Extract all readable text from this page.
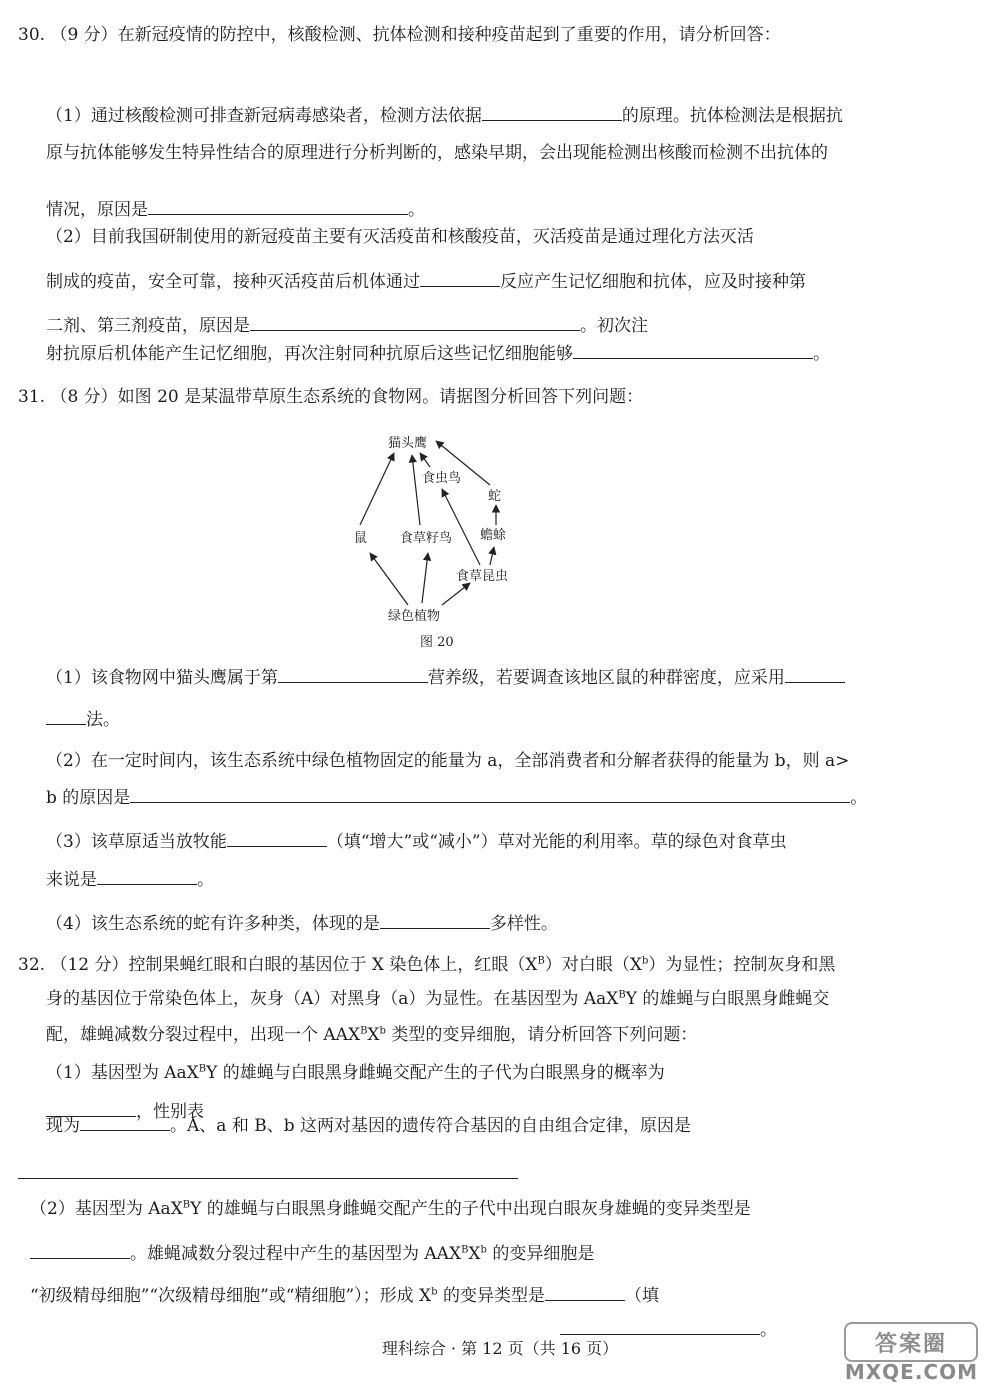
30. （9 分）在新冠疫情的防控中，核酸检测、抗体检测和接种疫苗起到了重要的作用，请分析回答：
（1）通过核酸检测可排查新冠病毒感染者，检测方法依据	的原理。抗体检测法是根据抗
原与抗体能够发生特异性结合的原理进行分析判断的，感染早期，会出现能检测出核酸而检测不出抗体的
情况，原因是	。
（2）目前我国研制使用的新冠疫苗主要有灭活疫苗和核酸疫苗，灭活疫苗是通过理化方法灭活
制成的疫苗，安全可靠，接种灭活疫苗后机体通过	反应产生记忆细胞和抗体，应及时接种第
二剂、第三剂疫苗，原因是	。初次注
射抗原后机体能产生记忆细胞，再次注射同种抗原后这些记忆细胞能够	。
31. （8 分）如图 20 是某温带草原生态系统的食物网。请据图分析回答下列问题：
猫头鹰
食虫鸟
蛇
鼠	食草籽鸟 蟾蜍
食草昆虫
绿色植物
图 20
（1）该食物网中猫头鹰属于第	营养级，若要调查该地区鼠的种群密度，应采用
法。
（2）在一定时间内，该生态系统中绿色植物固定的能量为 a，全部消费者和分解者获得的能量为 b，则 a>
b 的原因是	。
（3）该草原适当放牧能	（填“增大”或“减小”）草对光能的利用率。草的绿色对食草虫
来说是	。
（4）该生态系统的蛇有许多种类，体现的是	多样性。
32. （12 分）控制果蝇红眼和白眼的基因位于 X 染色体上，红眼$(X^B)$对白眼$(X^b)$为显性；控制灰身和黑
身的基因位于常染色体上，灰身（A）对黑身（a）为显性。在基因型为 AaX$^B$Y 的雄蝇与白眼黑身雌蝇交
配，雄蝇减数分裂过程中，出现一个 $AAX^BX^b$ 类型的变异细胞，请分析回答下列问题：
（1）基因型为 AaX$^B$Y 的雄蝇与白眼黑身雌蝇交配产生的子代为白眼黑身的概率为
，性别表
现为	。A、a 和 B、b 这两对基因的遗传符合基因的自由组合定律，原因是
（2）基因型为 AaX$^B$Y 的雄蝇与白眼黑身雌蝇交配产生的子代中出现白眼灰身雄蝇的变异类型是
。雄蝇减数分裂过程中产生的基因型为 $AAX^BX^b$ 的变异细胞是
“初级精母细胞”“次级精母细胞”或“精细胞”）；形成 $X^b$ 的变异类型是	（填
。
理科综合 · 第 12 页（共 16 页）	答案圈
MXQE.COM
